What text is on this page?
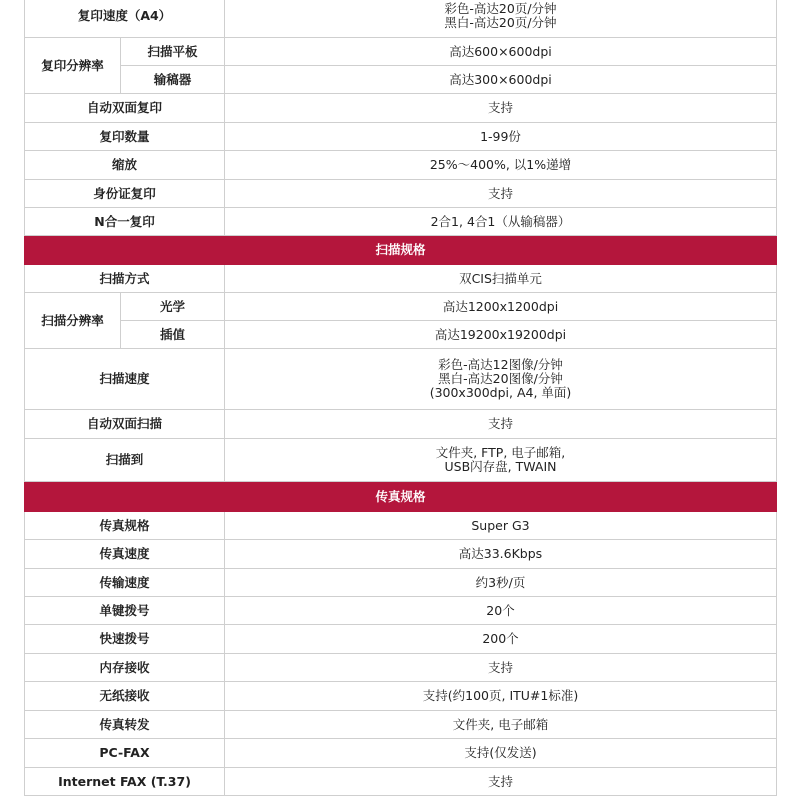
复印速度（A4）		彩色-高达20页/分钟
黑白-高达20页/分钟

复印分辨率	扫描平板	高达600×600dpi
	输稿器	高达300×600dpi
自动双面复印		支持
复印数量		1-99份
缩放		25%～400%, 以1%递增
身份证复印		支持
N合一复印		2合1, 4合1（从输稿器）
扫描规格		
扫描方式		双CIS扫描单元
扫描分辨率	光学	高达1200x1200dpi
	插值	高达19200x19200dpi
扫描速度		彩色-高达12图像/分钟
黑白-高达20图像/分钟
(300x300dpi, A4, 单面)

自动双面扫描		支持
扫描到		文件夹, FTP, 电子邮箱,
USB闪存盘, TWAIN

传真规格		
传真规格		Super G3
传真速度		高达33.6Kbps
传输速度		约3秒/页
单键拨号		20个
快速拨号		200个
内存接收		支持
无纸接收		支持(约100页, ITU#1标准)
传真转发		文件夹, 电子邮箱
PC-FAX		支持(仅发送)
Internet FAX (T.37)		支持
